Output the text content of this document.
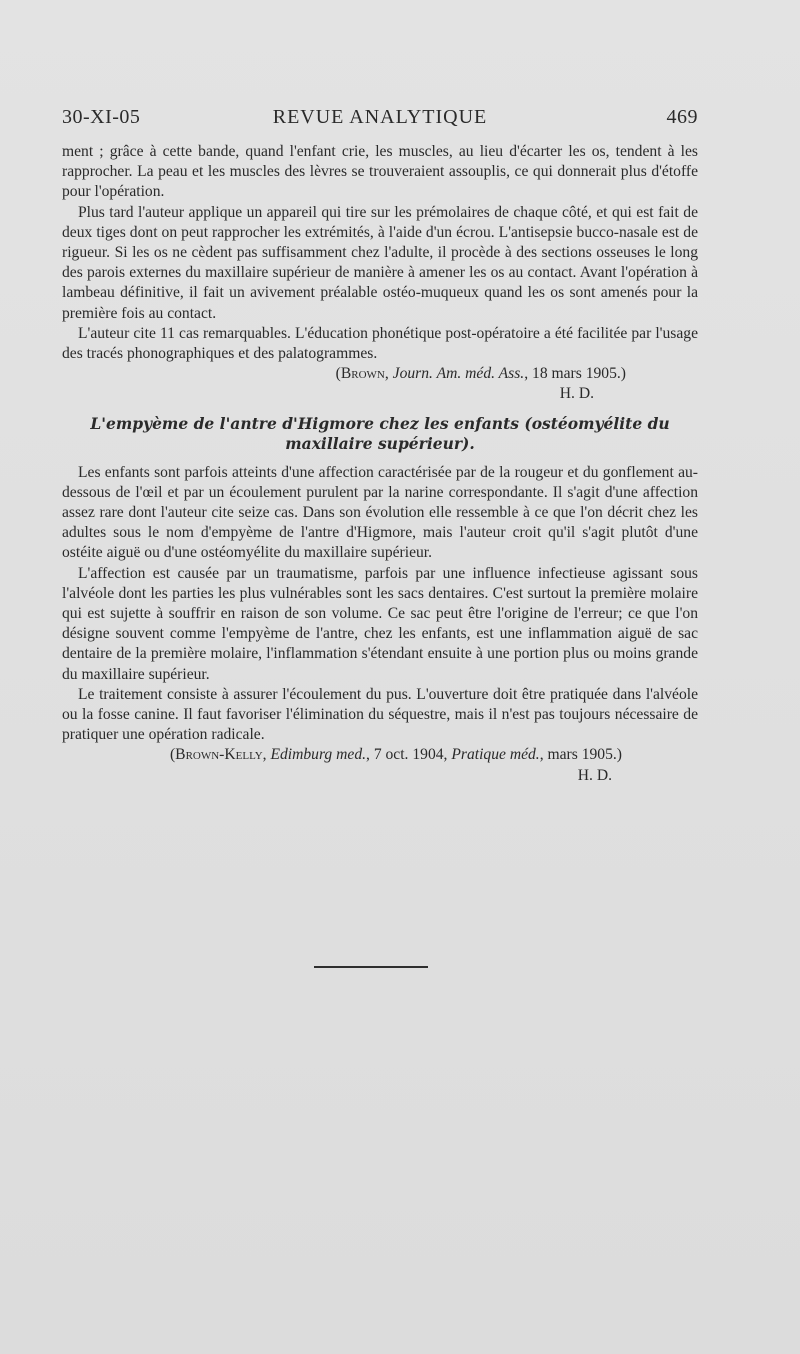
30-XI-05	REVUE ANALYTIQUE	469

ment ; grâce à cette bande, quand l'enfant crie, les muscles, au lieu d'écarter les os, tendent à les rapprocher. La peau et les muscles des lèvres se trouveraient assouplis, ce qui donnerait plus d'étoffe pour l'opération.

Plus tard l'auteur applique un appareil qui tire sur les prémolaires de chaque côté, et qui est fait de deux tiges dont on peut rapprocher les extrémités, à l'aide d'un écrou. L'antisepsie bucco-nasale est de rigueur. Si les os ne cèdent pas suffisamment chez l'adulte, il procède à des sections osseuses le long des parois externes du maxillaire supérieur de manière à amener les os au contact. Avant l'opération à lambeau définitive, il fait un avivement préalable ostéo-muqueux quand les os sont amenés pour la première fois au contact.

L'auteur cite 11 cas remarquables. L'éducation phonétique post-opératoire a été facilitée par l'usage des tracés phonographiques et des palatogrammes.

(Brown, Journ. Am. méd. Ass., 18 mars 1905.)

H. D.

L'empyème de l'antre d'Higmore chez les enfants (ostéomyélite du maxillaire supérieur).

Les enfants sont parfois atteints d'une affection caractérisée par de la rougeur et du gonflement au-dessous de l'œil et par un écoulement purulent par la narine correspondante. Il s'agit d'une affection assez rare dont l'auteur cite seize cas. Dans son évolution elle ressemble à ce que l'on décrit chez les adultes sous le nom d'empyème de l'antre d'Higmore, mais l'auteur croit qu'il s'agit plutôt d'une ostéite aiguë ou d'une ostéomyélite du maxillaire supérieur.

L'affection est causée par un traumatisme, parfois par une influence infectieuse agissant sous l'alvéole dont les parties les plus vulnérables sont les sacs dentaires. C'est surtout la première molaire qui est sujette à souffrir en raison de son volume. Ce sac peut être l'origine de l'erreur; ce que l'on désigne souvent comme l'empyème de l'antre, chez les enfants, est une inflammation aiguë de sac dentaire de la première molaire, l'inflammation s'étendant ensuite à une portion plus ou moins grande du maxillaire supérieur.

Le traitement consiste à assurer l'écoulement du pus. L'ouverture doit être pratiquée dans l'alvéole ou la fosse canine. Il faut favoriser l'élimination du séquestre, mais il n'est pas toujours nécessaire de pratiquer une opération radicale.

(Brown-Kelly, Edimburg med., 7 oct. 1904, Pratique méd., mars 1905.)

H. D.
